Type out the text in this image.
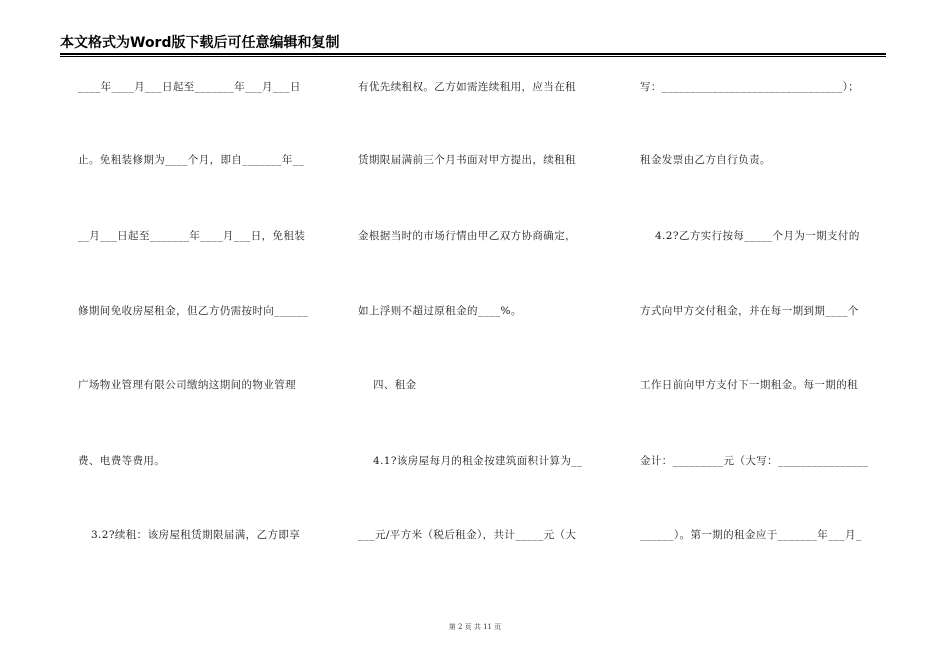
本文格式为Word版下载后可任意编辑和复制
____年____月___日起至_______年___月___日
止。免租装修期为____个月，即自_______年__
__月___日起至_______年____月___日，免租装
修期间免收房屋租金，但乙方仍需按时向______
广场物业管理有限公司缴纳这期间的物业管理
费、电费等费用。
3.2?续租：该房屋租赁期限届满，乙方即享
有优先续租权。乙方如需连续租用，应当在租
赁期限届满前三个月书面对甲方提出，续租租
金根据当时的市场行情由甲乙双方协商确定，
如上浮则不超过原租金的____%。
四、租金
4.1?该房屋每月的租金按建筑面积计算为__
___元/平方米（税后租金），共计_____元（大
写：________________________________）；
租金发票由乙方自行负责。
4.2?乙方实行按每_____个月为一期支付的
方式向甲方交付租金，并在每一期到期____个
工作日前向甲方支付下一期租金。每一期的租
金计：_________元（大写：________________
______）。第一期的租金应于_______年___月_
第 2 页 共 11 页
